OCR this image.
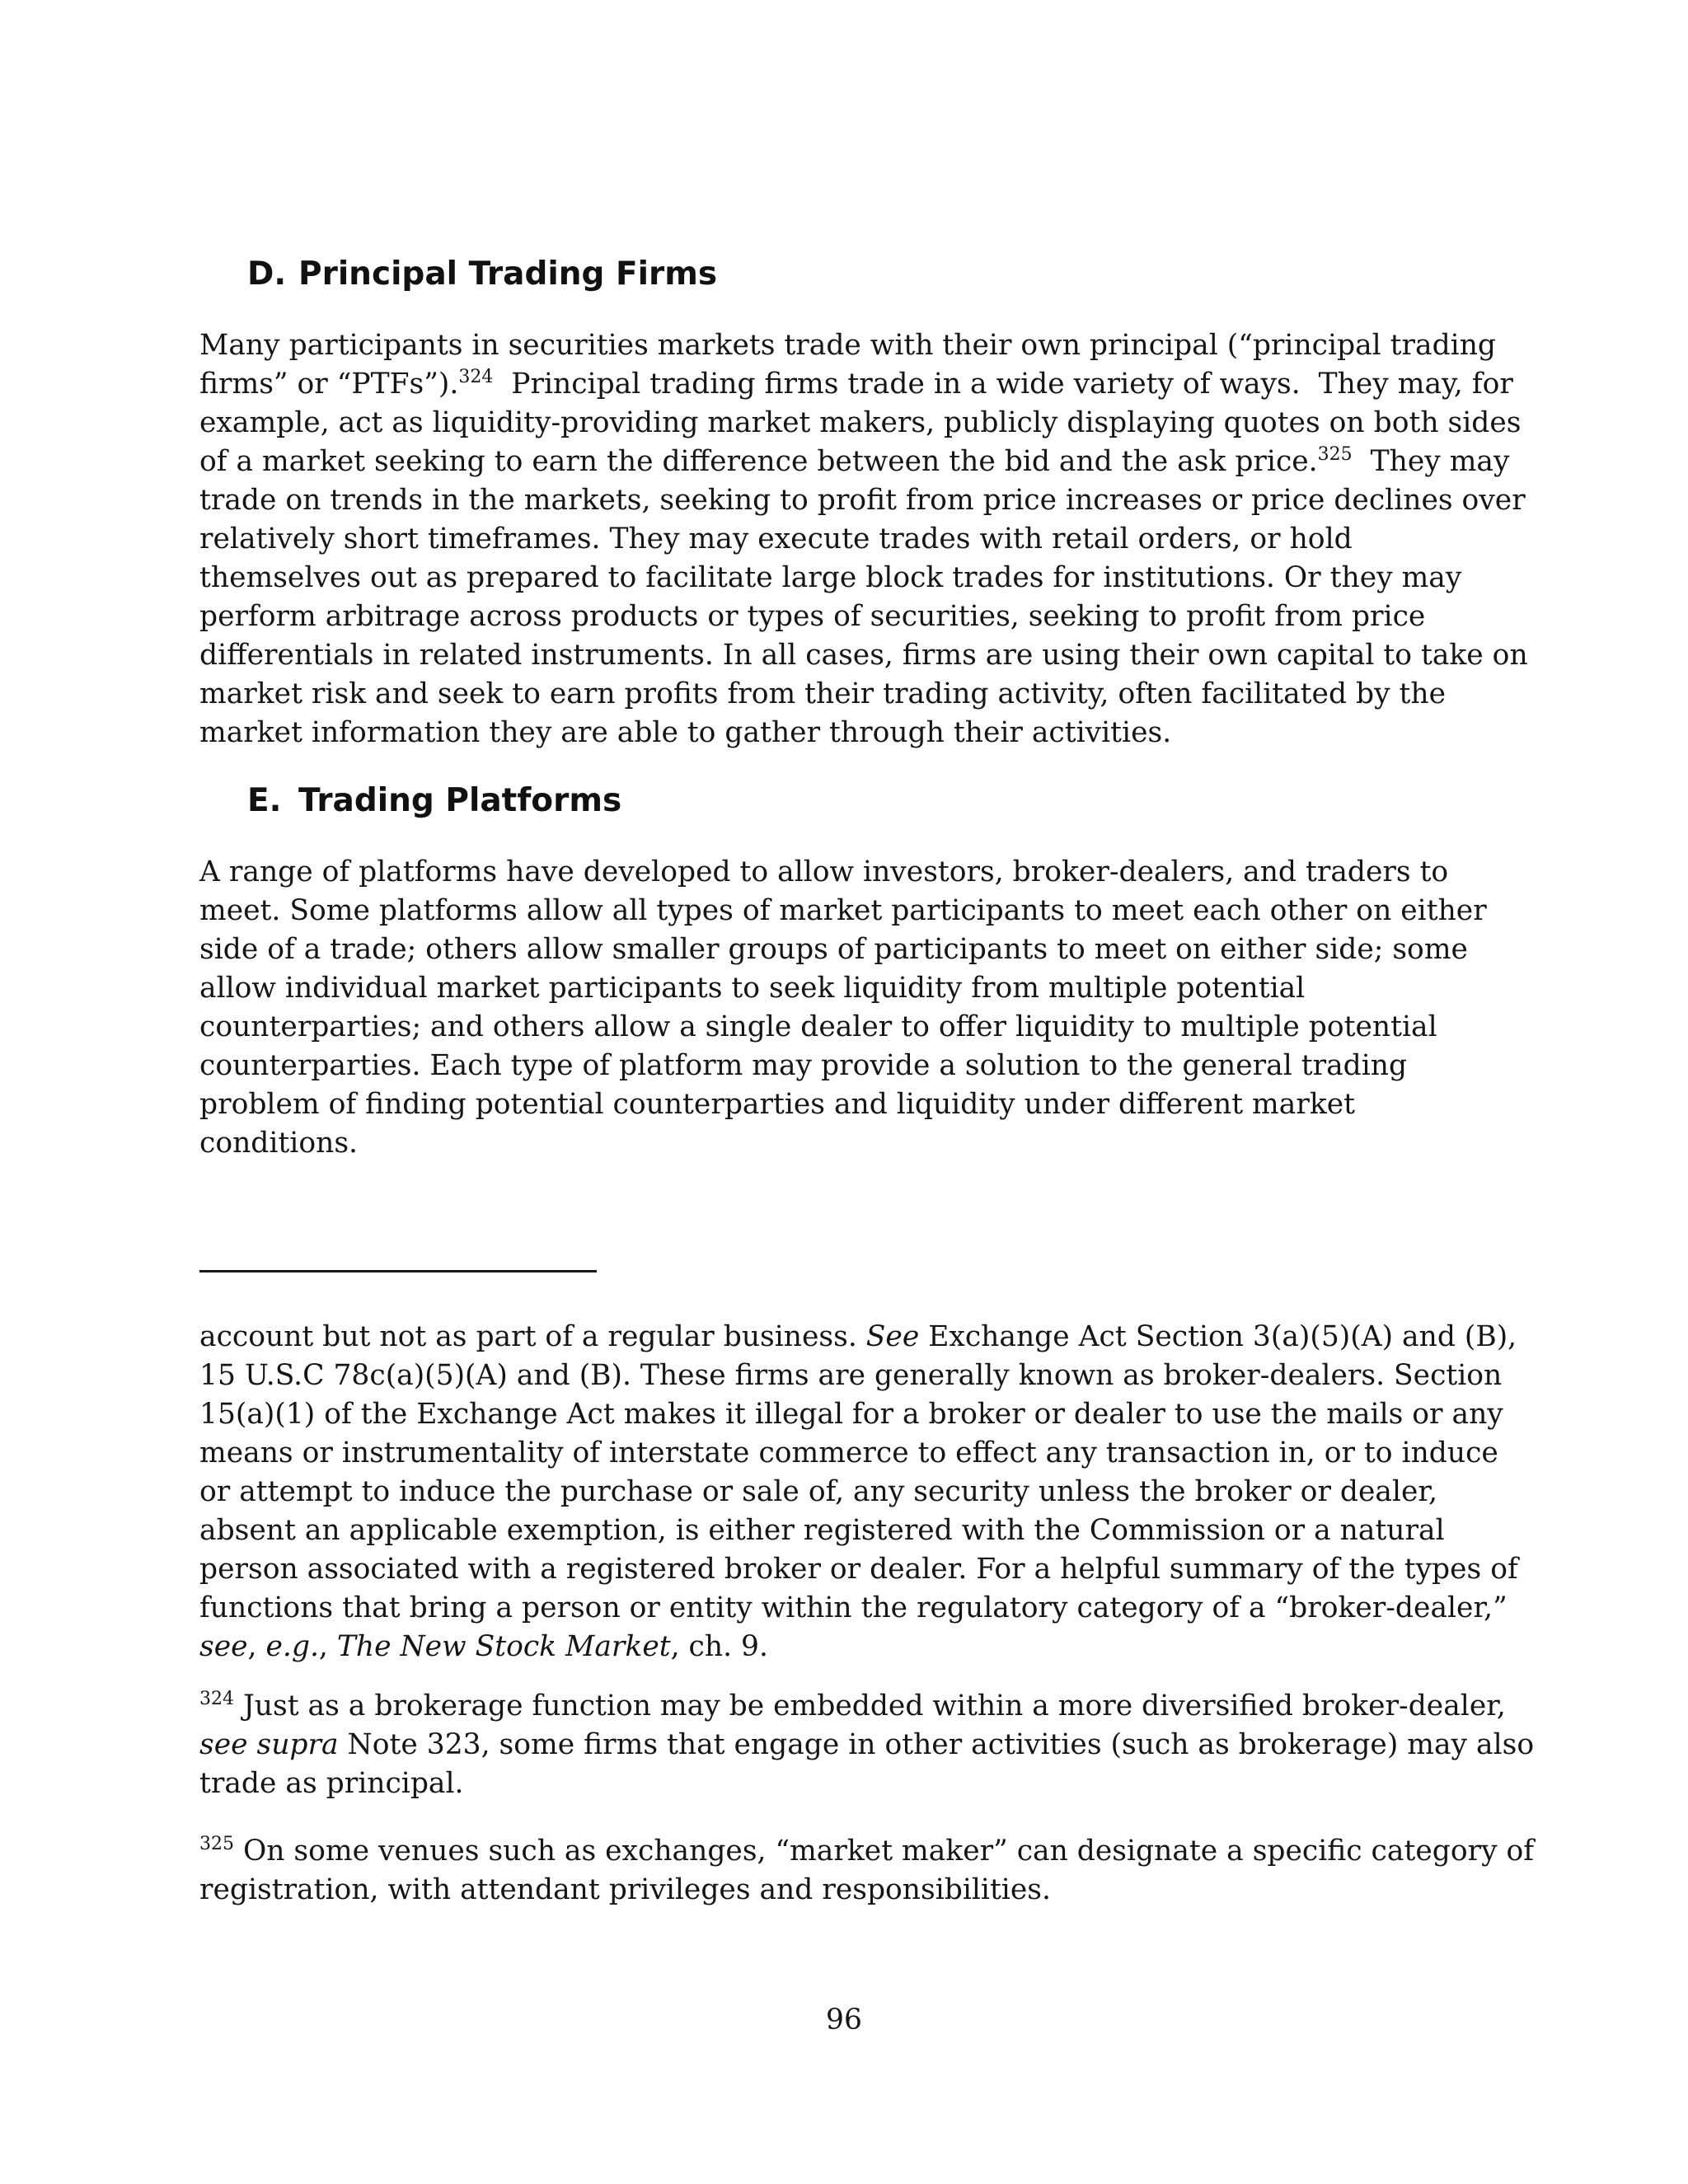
D. Principal Trading Firms

Many participants in securities markets trade with their own principal (“principal trading
firms” or “PTFs”).$^{324}$  Principal trading firms trade in a wide variety of ways.  They may, for
example, act as liquidity-providing market makers, publicly displaying quotes on both sides
of a market seeking to earn the difference between the bid and the ask price.$^{325}$  They may
trade on trends in the markets, seeking to profit from price increases or price declines over
relatively short timeframes. They may execute trades with retail orders, or hold
themselves out as prepared to facilitate large block trades for institutions. Or they may
perform arbitrage across products or types of securities, seeking to profit from price
differentials in related instruments. In all cases, firms are using their own capital to take on
market risk and seek to earn profits from their trading activity, often facilitated by the
market information they are able to gather through their activities.

E. Trading Platforms

A range of platforms have developed to allow investors, broker-dealers, and traders to
meet. Some platforms allow all types of market participants to meet each other on either
side of a trade; others allow smaller groups of participants to meet on either side; some
allow individual market participants to seek liquidity from multiple potential
counterparties; and others allow a single dealer to offer liquidity to multiple potential
counterparties. Each type of platform may provide a solution to the general trading
problem of finding potential counterparties and liquidity under different market
conditions.

account but not as part of a regular business. See Exchange Act Section 3(a)(5)(A) and (B),
15 U.S.C 78c(a)(5)(A) and (B). These firms are generally known as broker-dealers. Section
15(a)(1) of the Exchange Act makes it illegal for a broker or dealer to use the mails or any
means or instrumentality of interstate commerce to effect any transaction in, or to induce
or attempt to induce the purchase or sale of, any security unless the broker or dealer,
absent an applicable exemption, is either registered with the Commission or a natural
person associated with a registered broker or dealer. For a helpful summary of the types of
functions that bring a person or entity within the regulatory category of a “broker-dealer,”
see, e.g., The New Stock Market, ch. 9.

$^{324}$ Just as a brokerage function may be embedded within a more diversified broker-dealer,
see supra Note 323, some firms that engage in other activities (such as brokerage) may also
trade as principal.

$^{325}$ On some venues such as exchanges, “market maker” can designate a specific category of
registration, with attendant privileges and responsibilities.

96
